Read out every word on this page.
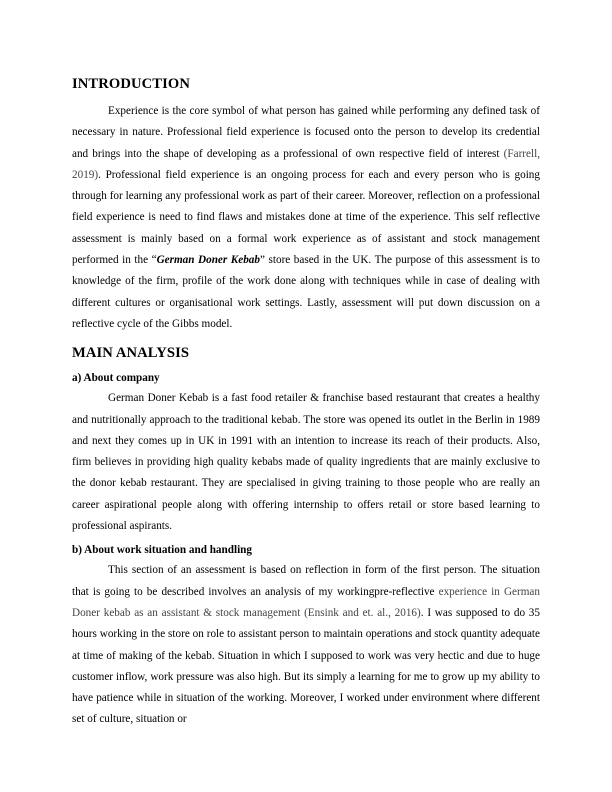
INTRODUCTION

Experience is the core symbol of what person has gained while performing any defined task of necessary in nature. Professional field experience is focused onto the person to develop its credential and brings into the shape of developing as a professional of own respective field of interest (Farrell, 2019). Professional field experience is an ongoing process for each and every person who is going through for learning any professional work as part of their career. Moreover, reflection on a professional field experience is need to find flaws and mistakes done at time of the experience. This self reflective assessment is mainly based on a formal work experience as of assistant and stock management performed in the “German Doner Kebab” store based in the UK. The purpose of this assessment is to knowledge of the firm, profile of the work done along with techniques while in case of dealing with different cultures or organisational work settings. Lastly, assessment will put down discussion on a reflective cycle of the Gibbs model.

MAIN ANALYSIS
a) About company

German Doner Kebab is a fast food retailer & franchise based restaurant that creates a healthy and nutritionally approach to the traditional kebab. The store was opened its outlet in the Berlin in 1989 and next they comes up in UK in 1991 with an intention to increase its reach of their products. Also, firm believes in providing high quality kebabs made of quality ingredients that are mainly exclusive to the donor kebab restaurant. They are specialised in giving training to those people who are really an career aspirational people along with offering internship to offers retail or store based learning to professional aspirants.

b) About work situation and handling

This section of an assessment is based on reflection in form of the first person. The situation that is going to be described involves an analysis of my workingpre-reflective experience in German Doner kebab as an assistant & stock management (Ensink and et. al., 2016). I was supposed to do 35 hours working in the store on role to assistant person to maintain operations and stock quantity adequate at time of making of the kebab. Situation in which I supposed to work was very hectic and due to huge customer inflow, work pressure was also high. But its simply a learning for me to grow up my ability to have patience while in situation of the working. Moreover, I worked under environment where different set of culture, situation or
